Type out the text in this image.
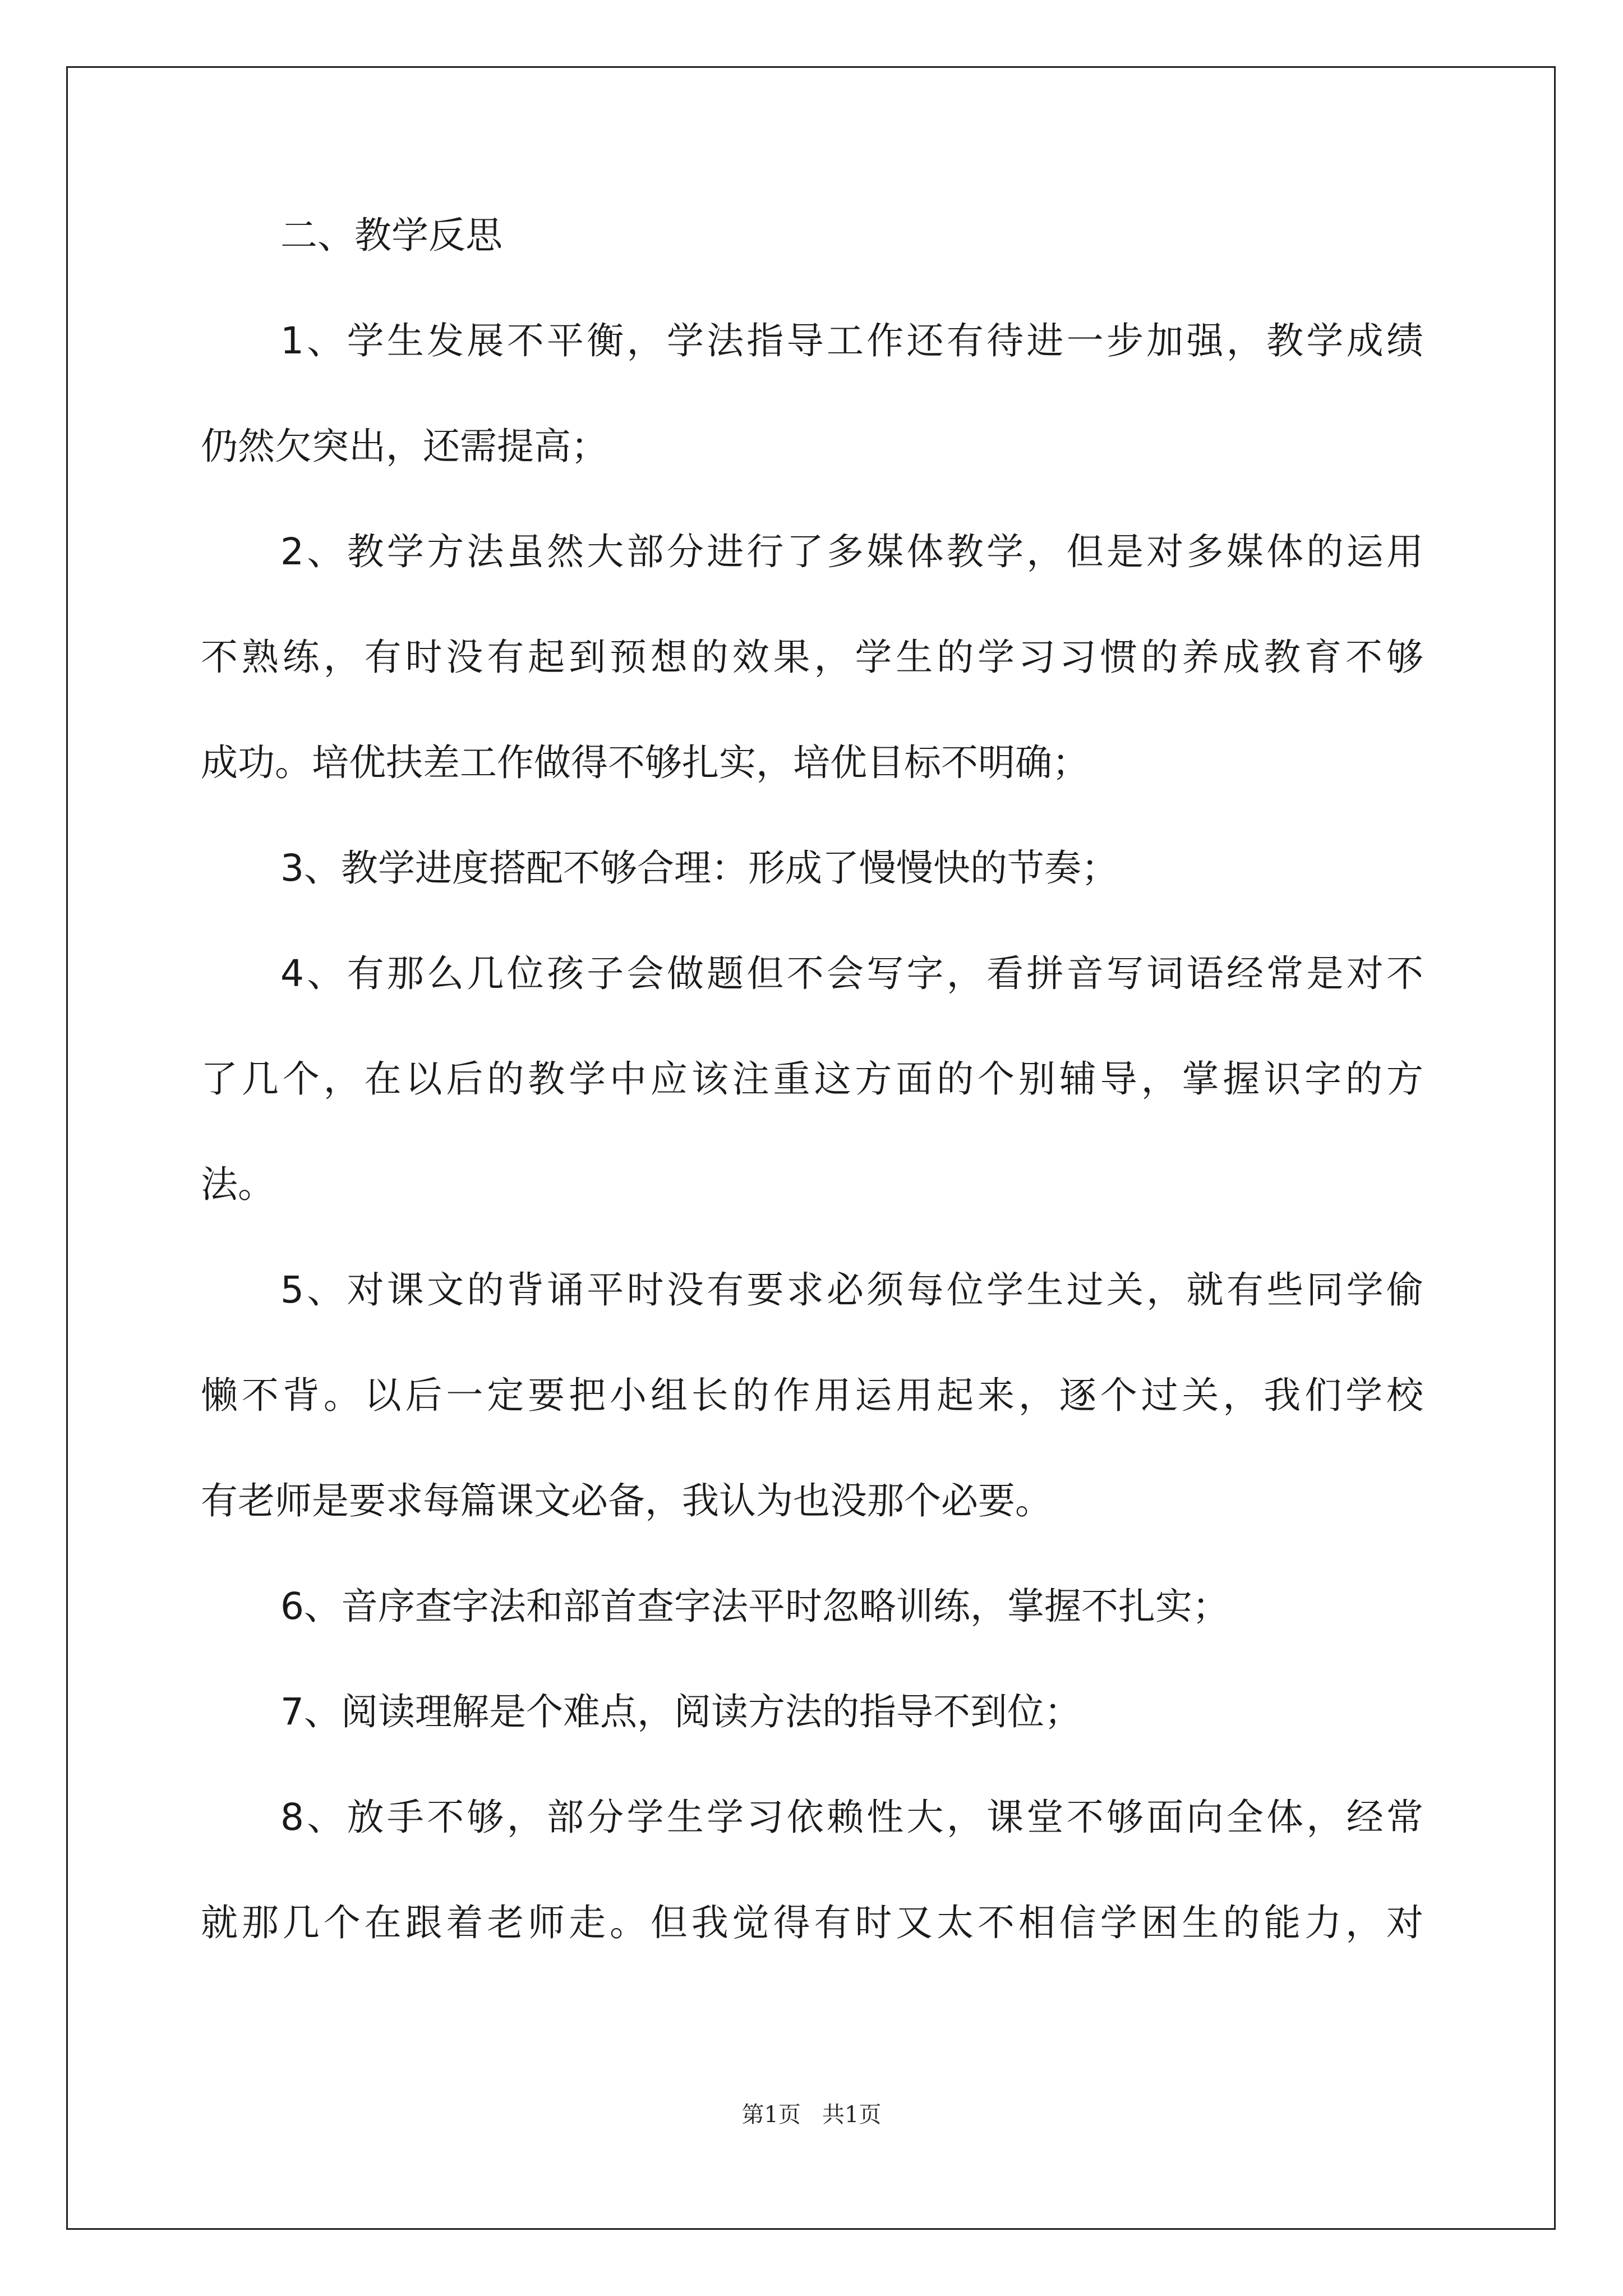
二、教学反思
1、学生发展不平衡，学法指导工作还有待进一步加强，教学成绩
仍然欠突出，还需提高；
2、教学方法虽然大部分进行了多媒体教学，但是对多媒体的运用
不熟练，有时没有起到预想的效果，学生的学习习惯的养成教育不够
成功。培优扶差工作做得不够扎实，培优目标不明确；
3、教学进度搭配不够合理：形成了慢慢快的节奏；
4、有那么几位孩子会做题但不会写字，看拼音写词语经常是对不
了几个，在以后的教学中应该注重这方面的个别辅导，掌握识字的方
法。
5、对课文的背诵平时没有要求必须每位学生过关，就有些同学偷
懒不背。以后一定要把小组长的作用运用起来，逐个过关，我们学校
有老师是要求每篇课文必备，我认为也没那个必要。
6、音序查字法和部首查字法平时忽略训练，掌握不扎实；
7、阅读理解是个难点，阅读方法的指导不到位；
8、放手不够，部分学生学习依赖性大，课堂不够面向全体，经常
就那几个在跟着老师走。但我觉得有时又太不相信学困生的能力，对
第1页   共1页
